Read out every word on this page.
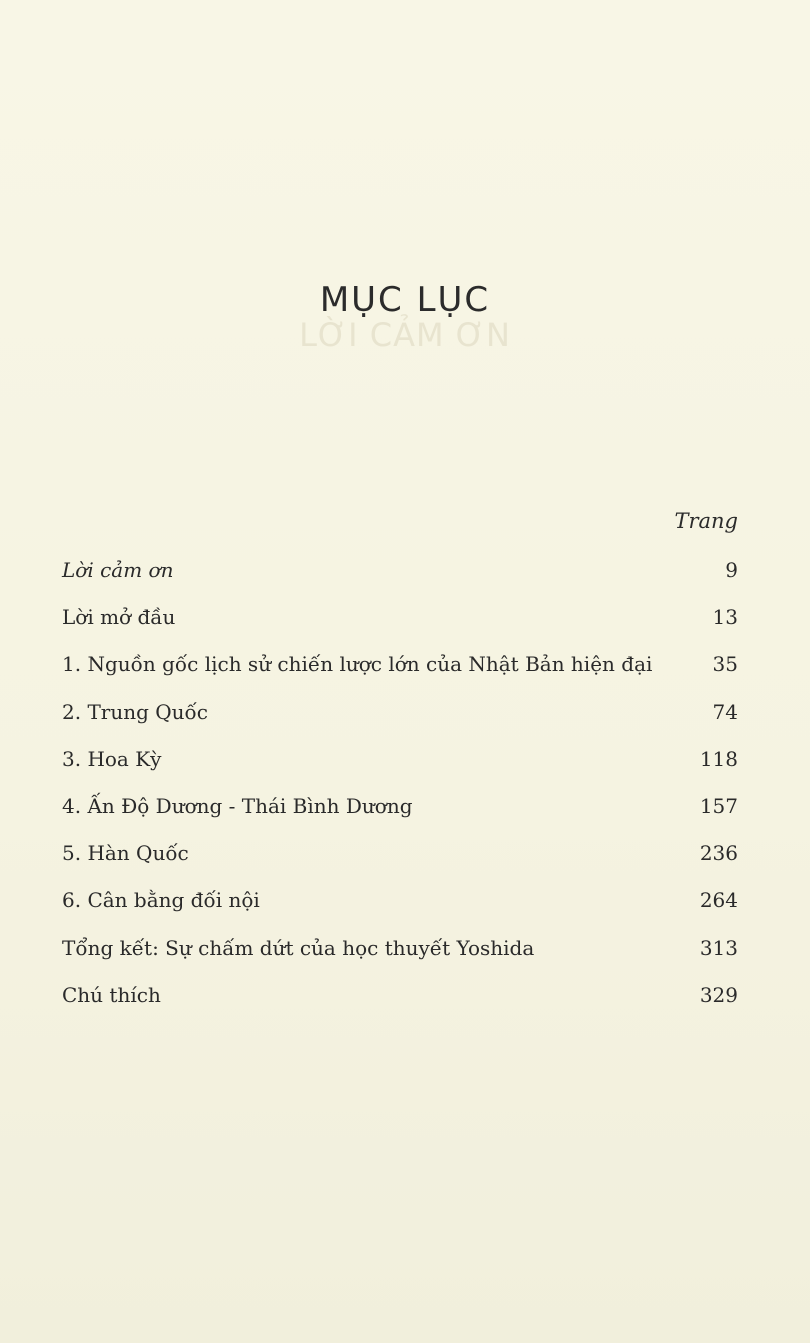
LỜI CẢM ƠN
MỤC LỤC
Trang
Lời cảm ơn	9
Lời mở đầu	13
1. Nguồn gốc lịch sử chiến lược lớn của Nhật Bản hiện đại	35
2. Trung Quốc	74
3. Hoa Kỳ	118
4. Ấn Độ Dương - Thái Bình Dương	157
5. Hàn Quốc	236
6. Cân bằng đối nội	264
Tổng kết: Sự chấm dứt của học thuyết Yoshida	313
Chú thích	329
